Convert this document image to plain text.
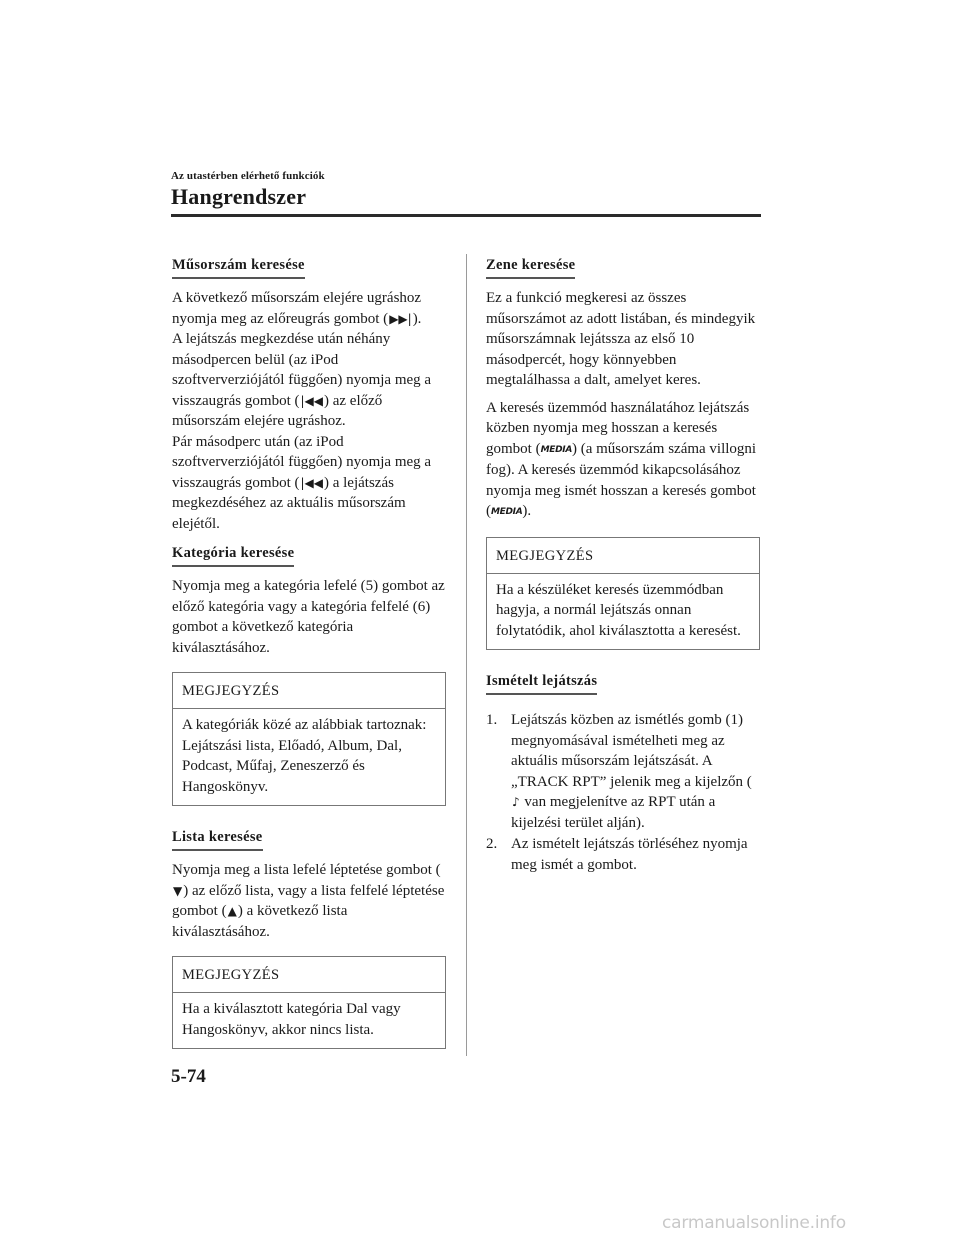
Az utastérben elérhető funkciók
Hangrendszer
Műsorszám keresése

A következő műsorszám elejére ugráshoz nyomja meg az előreugrás gombot (▶▶|).
A lejátszás megkezdése után néhány másodpercen belül (az iPod szoftververziójától függően) nyomja meg a visszaugrás gombot (|◀◀) az előző műsorszám elejére ugráshoz.
Pár másodperc után (az iPod szoftververziójától függően) nyomja meg a visszaugrás gombot (|◀◀) a lejátszás megkezdéséhez az aktuális műsorszám elejétől.

Kategória keresése

Nyomja meg a kategória lefelé (5) gombot az előző kategória vagy a kategória felfelé (6) gombot a következő kategória kiválasztásához.

MEGJEGYZÉS
A kategóriák közé az alábbiak tartoznak: Lejátszási lista, Előadó, Album, Dal, Podcast, Műfaj, Zeneszerző és Hangoskönyv.
Lista keresése

Nyomja meg a lista lefelé léptetése gombot (▼) az előző lista, vagy a lista felfelé léptetése gombot (▲) a következő lista kiválasztásához.

MEGJEGYZÉS
Ha a kiválasztott kategória Dal vagy Hangoskönyv, akkor nincs lista.
Zene keresése

Ez a funkció megkeresi az összes műsorszámot az adott listában, és mindegyik műsorszámnak lejátssza az első 10 másodpercét, hogy könnyebben megtalálhassa a dalt, amelyet keres.

A keresés üzemmód használatához lejátszás közben nyomja meg hosszan a keresés gombot (MEDIA) (a műsorszám száma villogni fog). A keresés üzemmód kikapcsolásához nyomja meg ismét hosszan a keresés gombot (MEDIA).

MEGJEGYZÉS
Ha a készüléket keresés üzemmódban hagyja, a normál lejátszás onnan folytatódik, ahol kiválasztotta a keresést.
Ismételt lejátszás
1. Lejátszás közben az ismétlés gomb (1) megnyomásával ismételheti meg az aktuális műsorszám lejátszását. A „TRACK RPT” jelenik meg a kijelzőn (♪ van megjelenítve az RPT után a kijelzési terület alján).
2. Az ismételt lejátszás törléséhez nyomja meg ismét a gombot.
5-74
carmanualsonline.info
